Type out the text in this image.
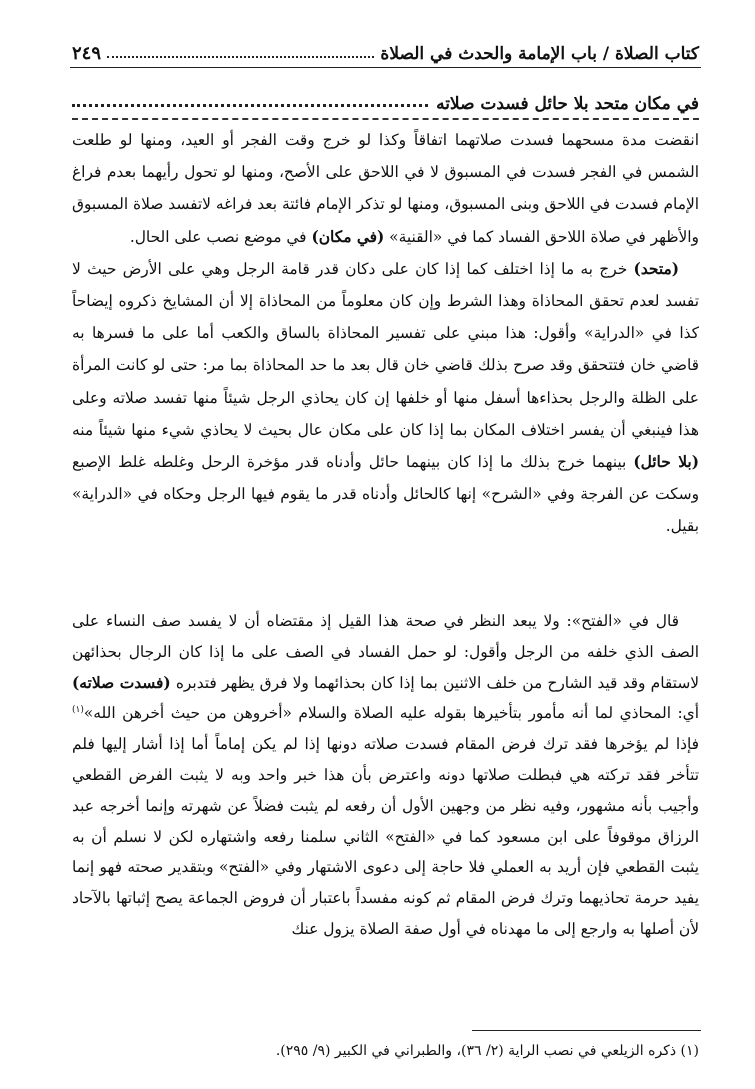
كتاب الصلاة / باب الإمامة والحدث في الصلاة
٢٤٩
في مكان متحد بلا حائل فسدت صلاته

انقضت مدة مسحهما فسدت صلاتهما اتفاقاً وكذا لو خرج وقت الفجر أو العيد، ومنها لو طلعت الشمس في الفجر فسدت في المسبوق لا في اللاحق على الأصح، ومنها لو تحول رأيهما بعدم فراغ الإمام فسدت في اللاحق وبنى المسبوق، ومنها لو تذكر الإمام فائتة بعد فراغه لاتفسد صلاة المسبوق والأظهر في صلاة اللاحق الفساد كما في «القنية» (في مكان) في موضع نصب على الحال.

(متحد) خرج به ما إذا اختلف كما إذا كان على دكان قدر قامة الرجل وهي على الأرض حيث لا تفسد لعدم تحقق المحاذاة وهذا الشرط وإن كان معلوماً من المحاذاة إلا أن المشايخ ذكروه إيضاحاً كذا في «الدراية» وأقول: هذا مبني على تفسير المحاذاة بالساق والكعب أما على ما فسرها به قاضي خان فتتحقق وقد صرح بذلك قاضي خان قال بعد ما حد المحاذاة بما مر: حتى لو كانت المرأة على الظلة والرجل بحذاءها أسفل منها أو خلفها إن كان يحاذي الرجل شيئاً منها تفسد صلاته وعلى هذا فينبغي أن يفسر اختلاف المكان بما إذا كان على مكان عال بحيث لا يحاذي شيء منها شيئاً منه (بلا حائل) بينهما خرج بذلك ما إذا كان بينهما حائل وأدناه قدر مؤخرة الرحل وغلطه غلط الإصبع وسكت عن الفرجة وفي «الشرح» إنها كالحائل وأدناه قدر ما يقوم فيها الرجل وحكاه في «الدراية» بقيل.

قال في «الفتح»: ولا يبعد النظر في صحة هذا القيل إذ مقتضاه أن لا يفسد صف النساء على الصف الذي خلفه من الرجل وأقول: لو حمل الفساد في الصف على ما إذا كان الرجال بحذائهن لاستقام وقد قيد الشارح من خلف الاثنين بما إذا كان بحذائهما ولا فرق يظهر فتدبره (فسدت صلاته) أي: المحاذي لما أنه مأمور بتأخيرها بقوله عليه الصلاة والسلام «أخروهن من حيث أخرهن الله»$^{(١)}$ فإذا لم يؤخرها فقد ترك فرض المقام فسدت صلاته دونها إذا لم يكن إماماً أما إذا أشار إليها فلم تتأخر فقد تركته هي فبطلت صلاتها دونه واعترض بأن هذا خبر واحد وبه لا يثبت الفرض القطعي وأجيب بأنه مشهور، وفيه نظر من وجهين الأول أن رفعه لم يثبت فضلاً عن شهرته وإنما أخرجه عبد الرزاق موقوفاً على ابن مسعود كما في «الفتح» الثاني سلمنا رفعه واشتهاره لكن لا نسلم أن به يثبت القطعي فإن أريد به العملي فلا حاجة إلى دعوى الاشتهار وفي «الفتح» وبتقدير صحته فهو إنما يفيد حرمة تحاذيهما وترك فرض المقام ثم كونه مفسداً باعتبار أن فروض الجماعة يصح إثباتها بالآحاد لأن أصلها به وارجع إلى ما مهدناه في أول صفة الصلاة يزول عنك

(١) ذكره الزيلعي في نصب الراية (٢/ ٣٦)، والطبراني في الكبير (٩/ ٢٩٥).
